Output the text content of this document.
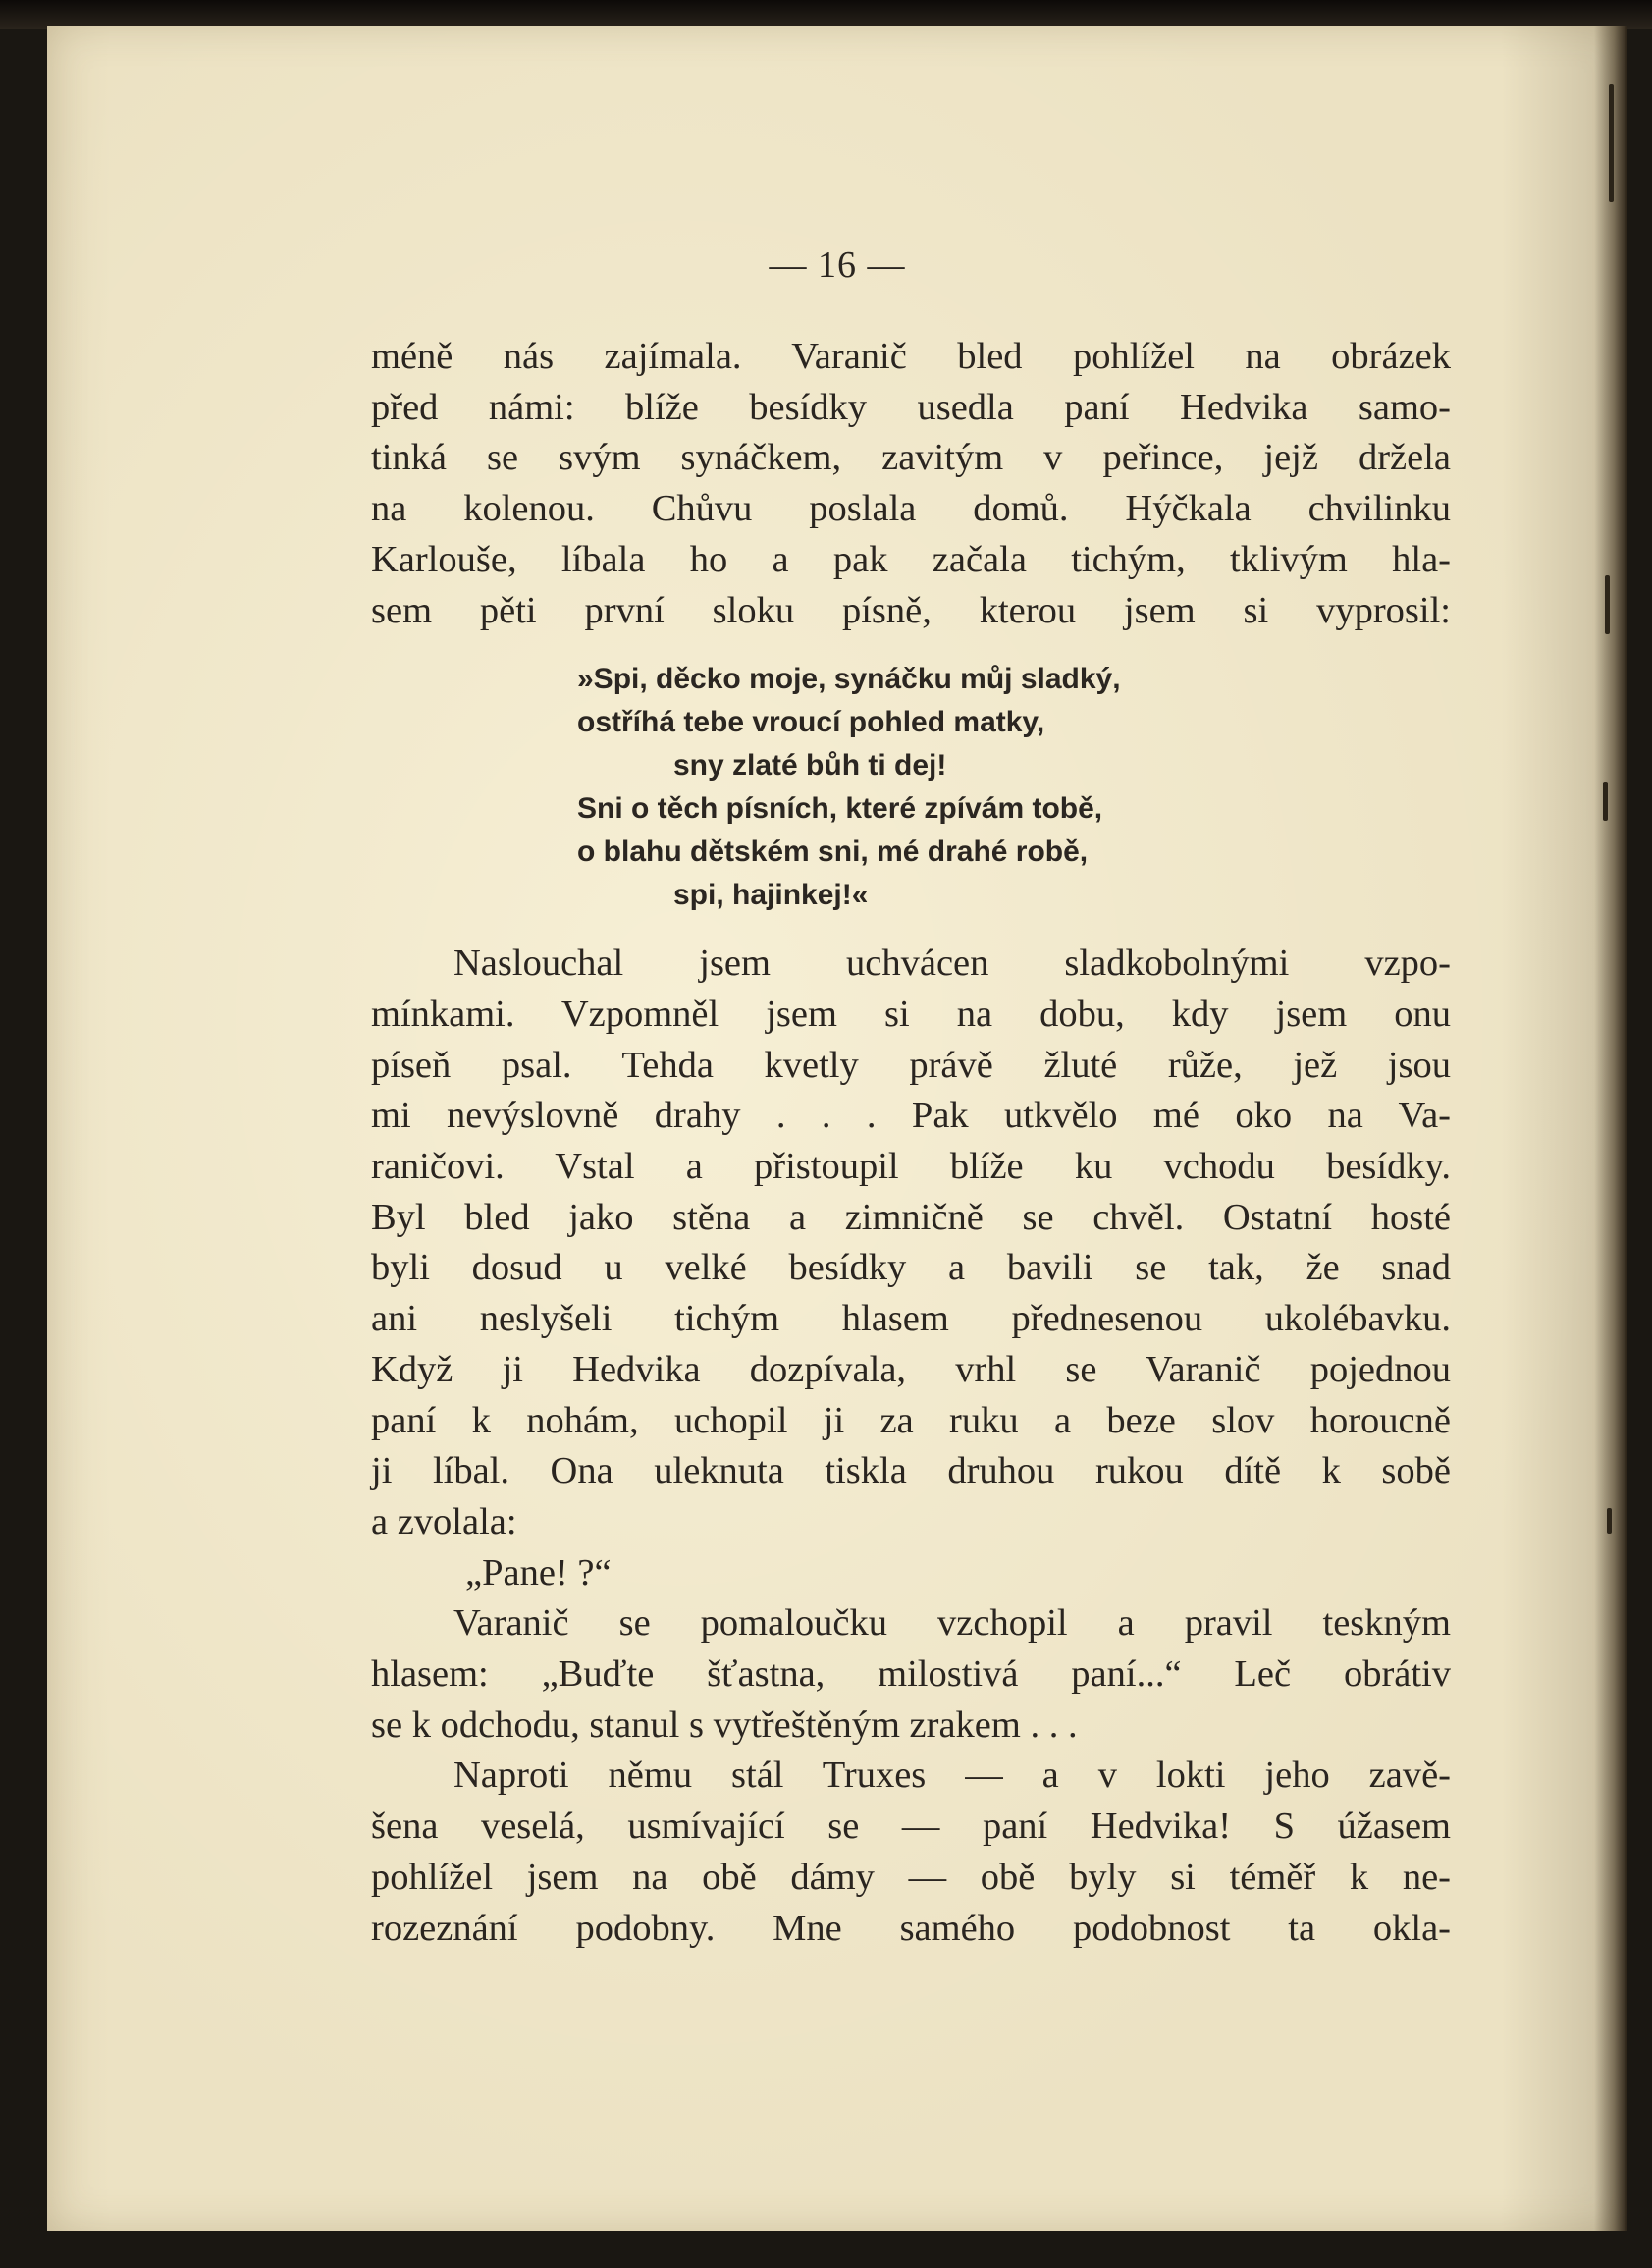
— 16 —
méně nás zajímala. Varanič bled pohlížel na obrázek
před námi: blíže besídky usedla paní Hedvika samo-
tinká se svým synáčkem, zavitým v peřince, jejž držela
na kolenou. Chůvu poslala domů. Hýčkala chvilinku
Karlouše, líbala ho a pak začala tichým, tklivým hla-
sem pěti první sloku písně, kterou jsem si vyprosil:
»Spi, děcko moje, synáčku můj sladký,
ostříhá tebe vroucí pohled matky,
sny zlaté bůh ti dej!
Sni o těch písních, které zpívám tobě,
o blahu dětském sni, mé drahé robě,
spi, hajinkej!«
Naslouchal jsem uchvácen sladkobolnými vzpo-
mínkami. Vzpomněl jsem si na dobu, kdy jsem onu
píseň psal. Tehda kvetly právě žluté růže, jež jsou
mi nevýslovně drahy . . . Pak utkvělo mé oko na Va-
raničovi. Vstal a přistoupil blíže ku vchodu besídky.
Byl bled jako stěna a zimničně se chvěl. Ostatní hosté
byli dosud u velké besídky a bavili se tak, že snad
ani neslyšeli tichým hlasem přednesenou ukolébavku.
Když ji Hedvika dozpívala, vrhl se Varanič pojednou
paní k nohám, uchopil ji za ruku a beze slov horoucně
ji líbal. Ona uleknuta tiskla druhou rukou dítě k sobě
a zvolala:
„Pane! ?“
Varanič se pomaloučku vzchopil a pravil teskným
hlasem: „Buďte šťastna, milostivá paní...“ Leč obrátiv
se k odchodu, stanul s vytřeštěným zrakem . . .
Naproti němu stál Truxes — a v lokti jeho zavě-
šena veselá, usmívající se — paní Hedvika! S úžasem
pohlížel jsem na obě dámy — obě byly si téměř k ne-
rozeznání podobny. Mne samého podobnost ta okla-
